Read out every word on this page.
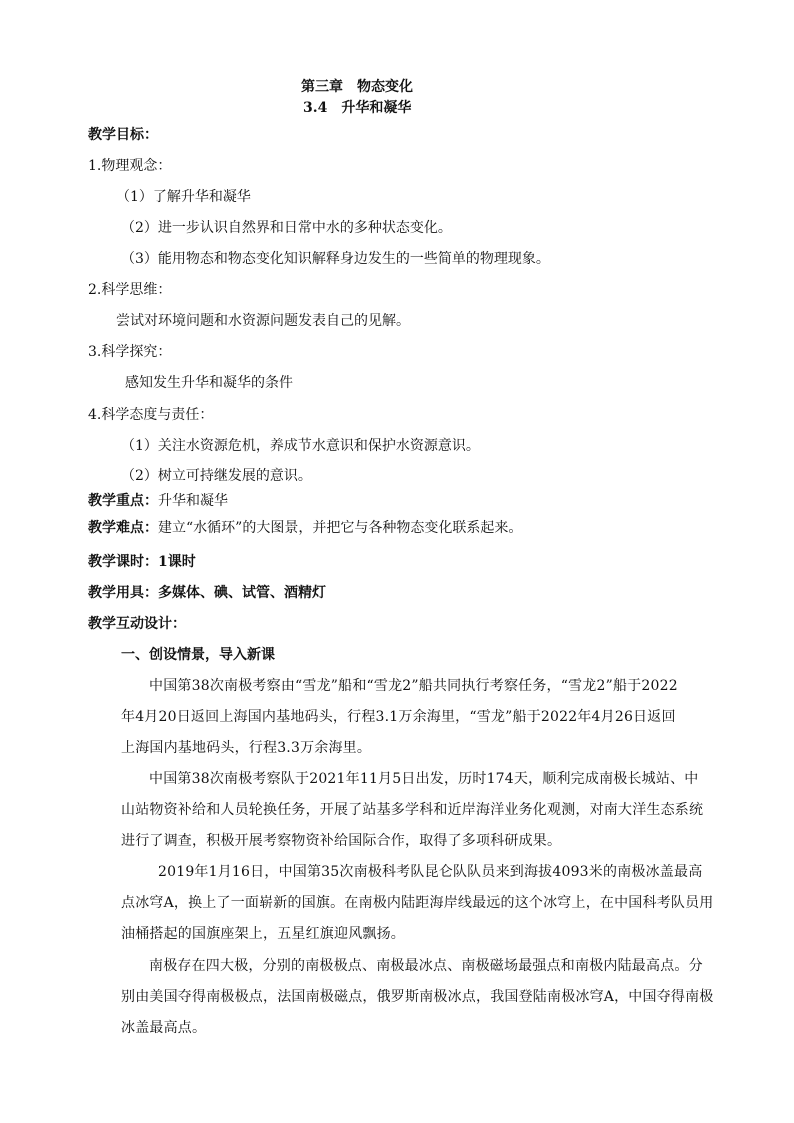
第三章　物态变化
3.4　升华和凝华
教学目标：
1.物理观念：
（1）了解升华和凝华
（2）进一步认识自然界和日常中水的多种状态变化。
（3）能用物态和物态变化知识解释身边发生的一些简单的物理现象。
2.科学思维：
尝试对环境问题和水资源问题发表自己的见解。
3.科学探究：
感知发生升华和凝华的条件
4.科学态度与责任：
（1）关注水资源危机，养成节水意识和保护水资源意识。
（2）树立可持继发展的意识。
教学重点：升华和凝华
教学难点：建立“水循环”的大图景，并把它与各种物态变化联系起来。
教学课时：1课时
教学用具：多媒体、碘、试管、酒精灯
教学互动设计：
一、创设情景，导入新课
中国第38次南极考察由“雪龙”船和“雪龙2”船共同执行考察任务，“雪龙2”船于2022
年4月20日返回上海国内基地码头，行程3.1万余海里，“雪龙”船于2022年4月26日返回
上海国内基地码头，行程3.3万余海里。
中国第38次南极考察队于2021年11月5日出发，历时174天，顺利完成南极长城站、中
山站物资补给和人员轮换任务，开展了站基多学科和近岸海洋业务化观测，对南大洋生态系统
进行了调查，积极开展考察物资补给国际合作，取得了多项科研成果。
2019年1月16日，中国第35次南极科考队昆仑队队员来到海拔4093米的南极冰盖最高
点冰穹A，换上了一面崭新的国旗。在南极内陆距海岸线最远的这个冰穹上，在中国科考队员用
油桶搭起的国旗座架上，五星红旗迎风飘扬。
南极存在四大极，分别的南极极点、南极最冰点、南极磁场最强点和南极内陆最高点。分
别由美国夺得南极极点，法国南极磁点，俄罗斯南极冰点，我国登陆南极冰穹A，中国夺得南极
冰盖最高点。
